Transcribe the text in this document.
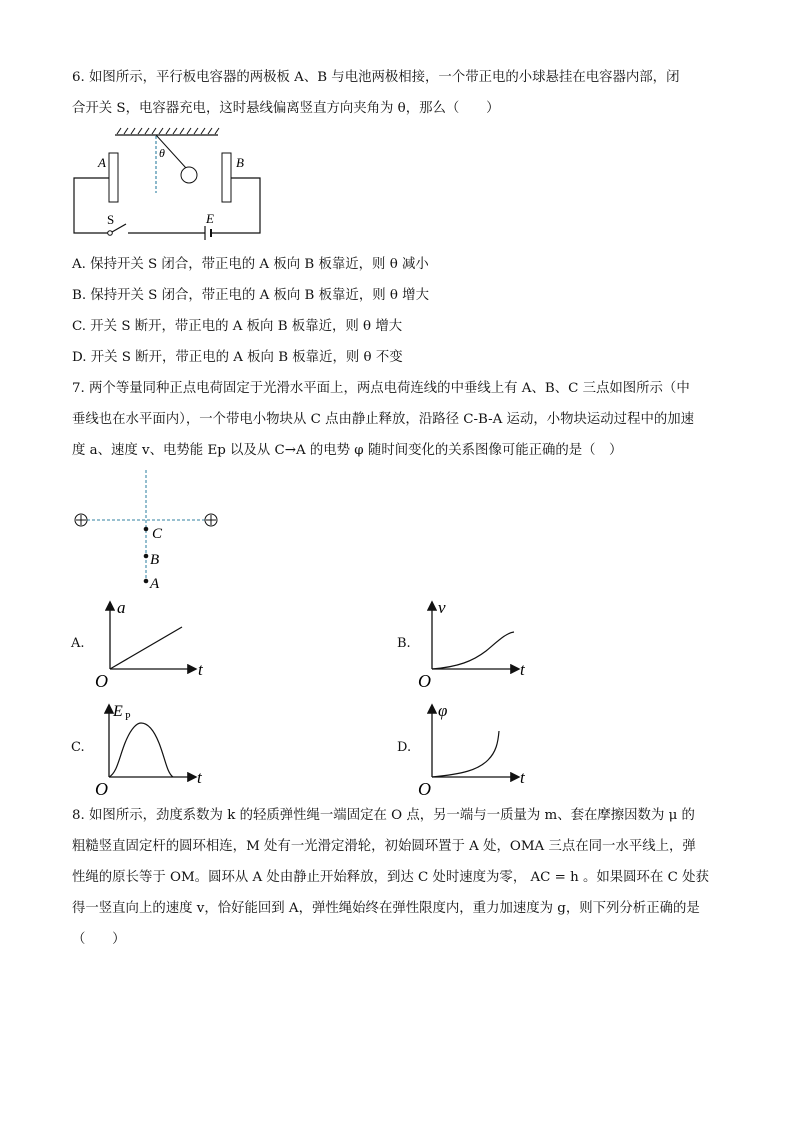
6. 如图所示，平行板电容器的两极板 A、B 与电池两极相接，一个带正电的小球悬挂在电容器内部，闭
合开关 S，电容器充电，这时悬线偏离竖直方向夹角为 θ，那么（　　）
θ
A	B
S	E
A. 保持开关 S 闭合，带正电的 A 板向 B 板靠近，则 θ 减小
B. 保持开关 S 闭合，带正电的 A 板向 B 板靠近，则 θ 增大
C. 开关 S 断开，带正电的 A 板向 B 板靠近，则 θ 增大
D. 开关 S 断开，带正电的 A 板向 B 板靠近，则 θ 不变
7. 两个等量同种正点电荷固定于光滑水平面上，两点电荷连线的中垂线上有 A、B、C 三点如图所示（中
垂线也在水平面内），一个带电小物块从 C 点由静止释放，沿路径 C-B-A 运动，小物块运动过程中的加速
度 a、速度 v、电势能 Ep 以及从 C→A 的电势 φ 随时间变化的关系图像可能正确的是（　）
C
B
A
A.
a
t
O
B.
v
t
O
C.
E P
t
O
D.
φ
t
O
8. 如图所示，劲度系数为 k 的轻质弹性绳一端固定在 O 点，另一端与一质量为 m、套在摩擦因数为 μ 的
粗糙竖直固定杆的圆环相连，M 处有一光滑定滑轮，初始圆环置于 A 处，OMA 三点在同一水平线上，弹
性绳的原长等于 OM。圆环从 A 处由静止开始释放，到达 C 处时速度为零， AC = h 。如果圆环在 C 处获
得一竖直向上的速度 v，恰好能回到 A，弹性绳始终在弹性限度内，重力加速度为 g，则下列分析正确的是
（　　）
